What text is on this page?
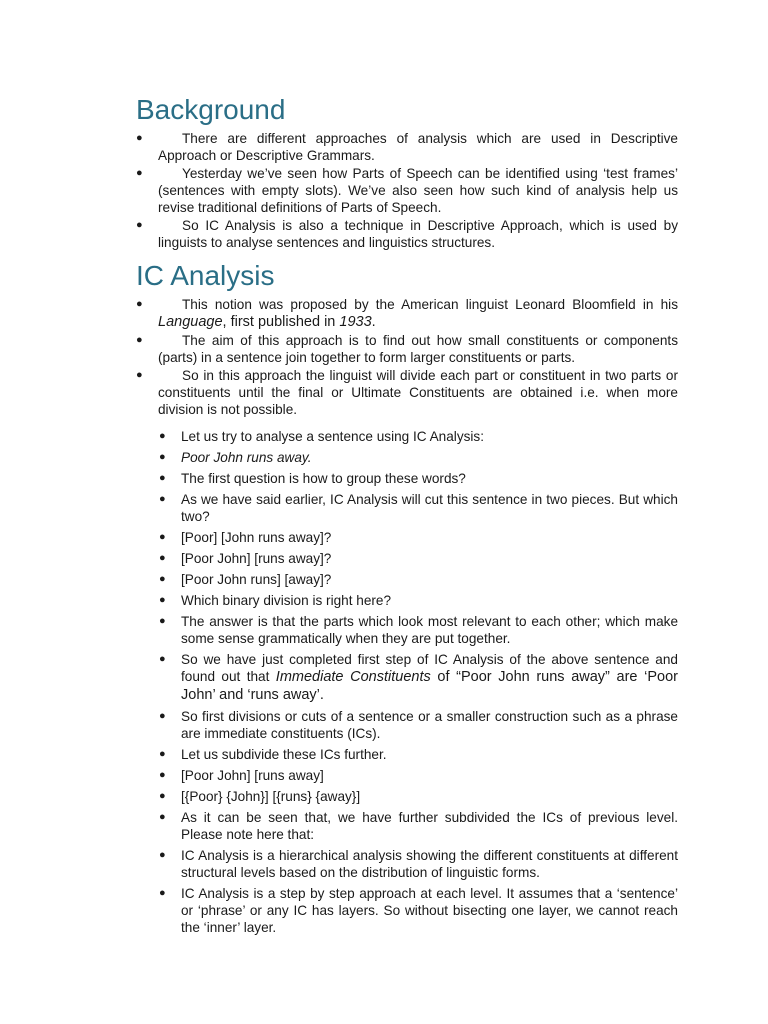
Background
●	There are different approaches of analysis which are used in Descriptive Approach or Descriptive Grammars.
●	Yesterday we’ve seen how Parts of Speech can be identified using ‘test frames’ (sentences with empty slots). We’ve also seen how such kind of analysis help us revise traditional definitions of Parts of Speech.
●	So IC Analysis is also a technique in Descriptive Approach, which is used by linguists to analyse sentences and linguistics structures.
IC Analysis
●	This notion was proposed by the American linguist Leonard Bloomfield in his Language, first published in 1933.
●	The aim of this approach is to find out how small constituents or components (parts) in a sentence join together to form larger constituents or parts.
●	So in this approach the linguist will divide each part or constituent in two parts or constituents until the final or Ultimate Constituents are obtained i.e. when more division is not possible.
● Let us try to analyse a sentence using IC Analysis:
● Poor John runs away.
● The first question is how to group these words?
● As we have said earlier, IC Analysis will cut this sentence in two pieces. But which two?
● [Poor] [John runs away]?
● [Poor John] [runs away]?
● [Poor John runs] [away]?
● Which binary division is right here?
● The answer is that the parts which look most relevant to each other; which make some sense grammatically when they are put together.
● So we have just completed first step of IC Analysis of the above sentence and found out that Immediate Constituents of “Poor John runs away” are ‘Poor John’ and ‘runs away’.
● So first divisions or cuts of a sentence or a smaller construction such as a phrase are immediate constituents (ICs).
● Let us subdivide these ICs further.
● [Poor John] [runs away]
● [{Poor} {John}] [{runs} {away}]
● As it can be seen that, we have further subdivided the ICs of previous level. Please note here that:
● IC Analysis is a hierarchical analysis showing the different constituents at different structural levels based on the distribution of linguistic forms.
● IC Analysis is a step by step approach at each level. It assumes that a ‘sentence’ or ‘phrase’ or any IC has layers. So without bisecting one layer, we cannot reach the ‘inner’ layer.
